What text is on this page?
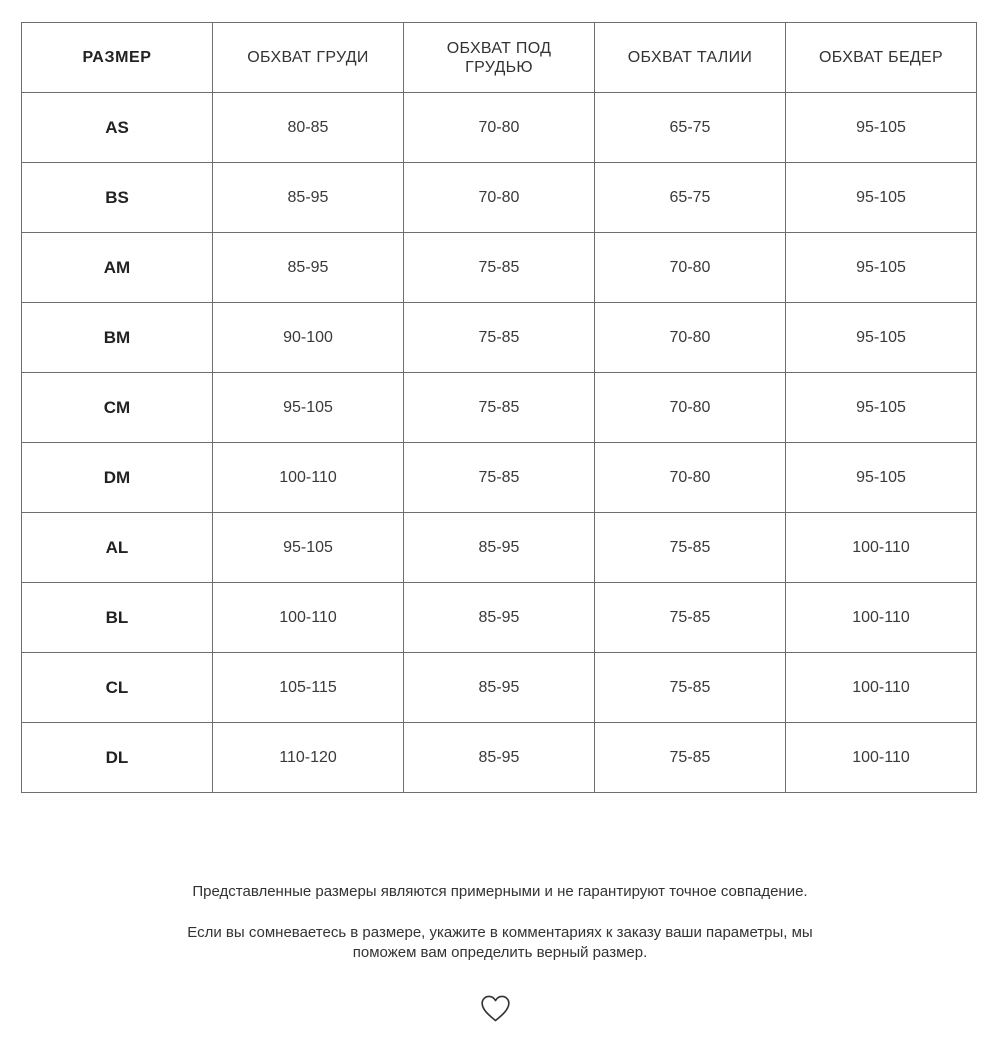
РАЗМЕР	ОБХВАТ ГРУДИ	ОБХВАТ ПОД ГРУДЬЮ	ОБХВАТ ТАЛИИ	ОБХВАТ БЕДЕР

AS	80-85	70-80	65-75	95-105
BS	85-95	70-80	65-75	95-105
AM	85-95	75-85	70-80	95-105
BM	90-100	75-85	70-80	95-105
CM	95-105	75-85	70-80	95-105
DM	100-110	75-85	70-80	95-105
AL	95-105	85-95	75-85	100-110
BL	100-110	85-95	75-85	100-110
CL	105-115	85-95	75-85	100-110
DL	110-120	85-95	75-85	100-110

Представленные размеры являются примерными и не гарантируют точное совпадение.

Если вы сомневаетесь в размере, укажите в комментариях к заказу ваши параметры, мы поможем вам определить верный размер.
